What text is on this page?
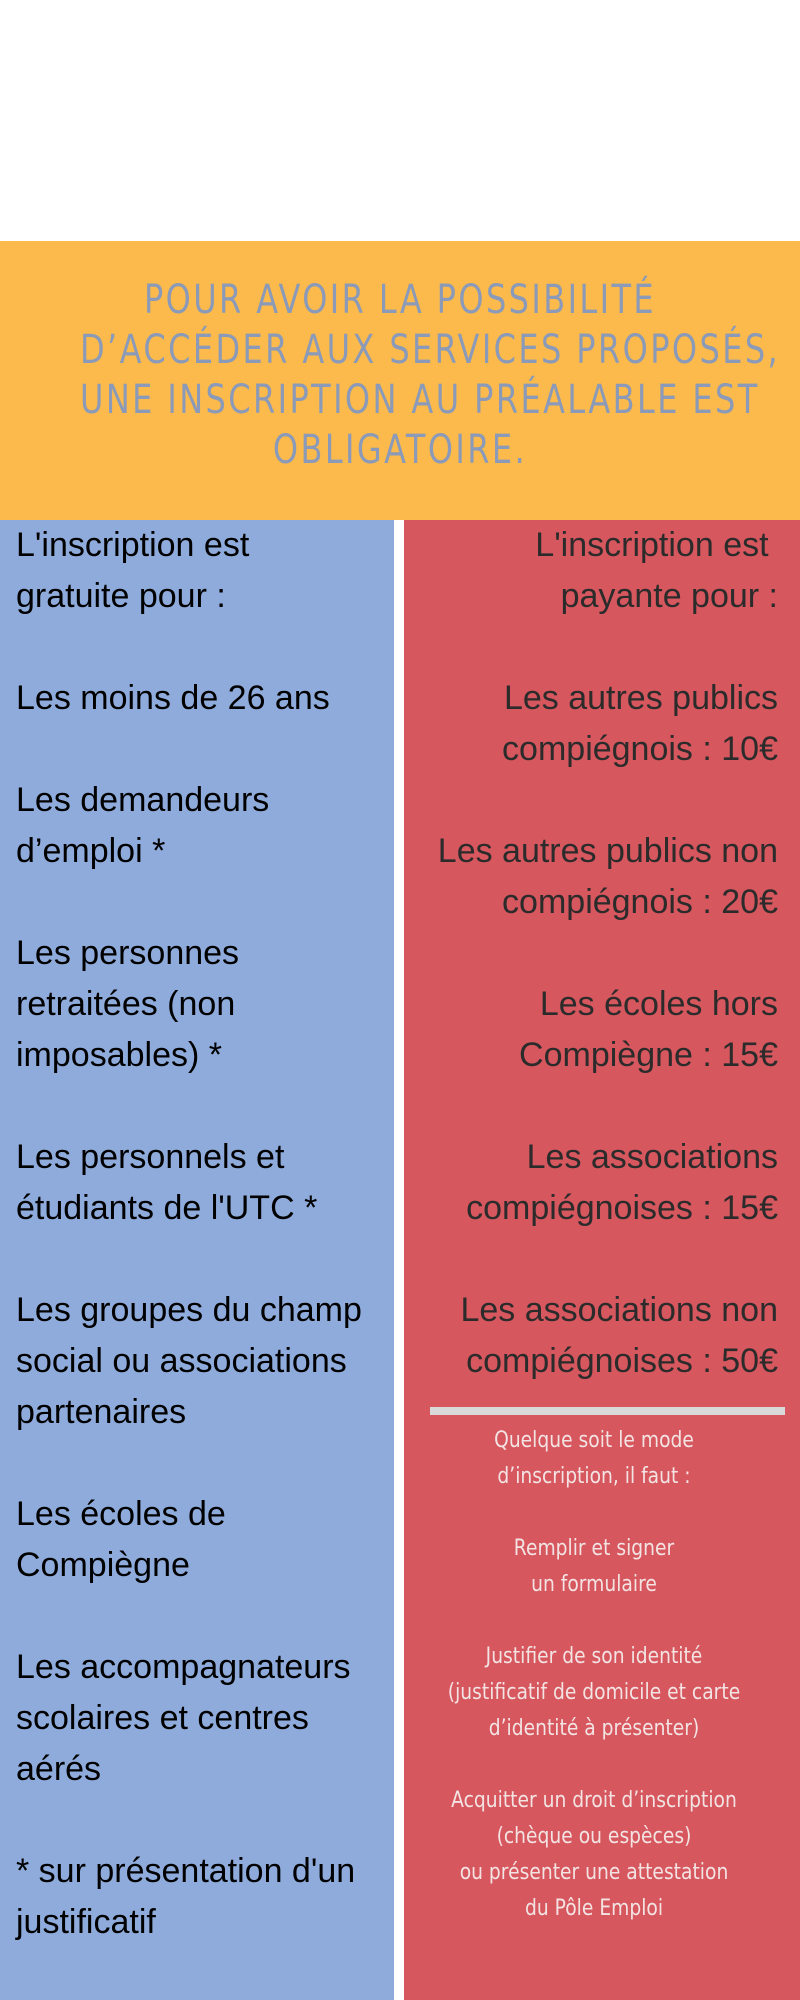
POUR AVOIR LA POSSIBILITÉ
D’ACCÉDER AUX SERVICES PROPOSÉS,
UNE INSCRIPTION AU PRÉALABLE EST
OBLIGATOIRE.
L'inscription est
gratuite pour :
Les moins de 26 ans
Les demandeurs
d’emploi *
Les personnes
retraitées (non
imposables) *
Les personnels et
étudiants de l'UTC *
Les groupes du champ
social ou associations
partenaires
Les écoles de
Compiègne
Les accompagnateurs
scolaires et centres
aérés
* sur présentation d'un
justificatif
L'inscription est
payante pour :
Les autres publics
compiégnois : 10€
Les autres publics non
compiégnois : 20€
Les écoles hors
Compiègne : 15€
Les associations
compiégnoises : 15€
Les associations non
compiégnoises : 50€
Quelque soit le mode
d’inscription, il faut :
Remplir et signer
un formulaire
Justifier de son identité
(justificatif de domicile et carte
d’identité à présenter)
Acquitter un droit d’inscription
(chèque ou espèces)
ou présenter une attestation
du Pôle Emploi
